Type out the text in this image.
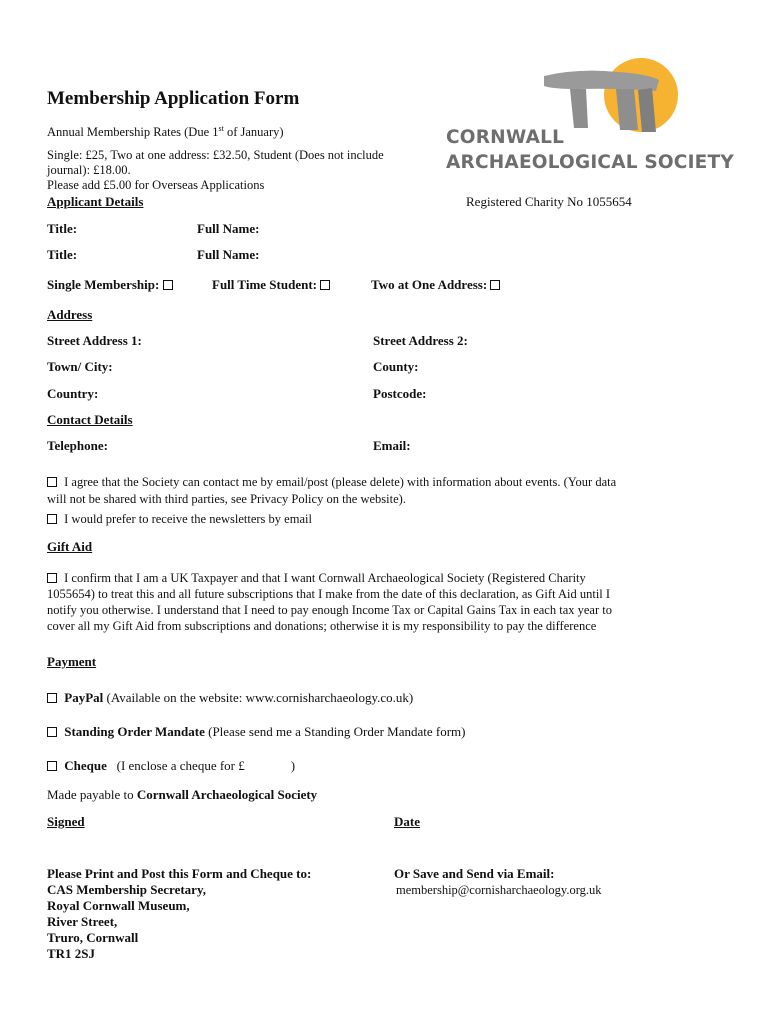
Membership Application Form
Annual Membership Rates (Due 1st of January)
Single: £25, Two at one address: £32.50, Student (Does not include
journal): £18.00.
Please add £5.00 for Overseas Applications
CORNWALL
ARCHAEOLOGICAL SOCIETY
Registered Charity No 1055654
Applicant Details
Title:	Full Name:
Title:	Full Name:
Single Membership:	Full Time Student:	Two at One Address:
Address
Street Address 1:	Street Address 2:
Town/ City:	County:
Country:	Postcode:
Contact Details
Telephone:	Email:
I agree that the Society can contact me by email/post (please delete) with information about events. (Your data
will not be shared with third parties, see Privacy Policy on the website).
I would prefer to receive the newsletters by email
Gift Aid
I confirm that I am a UK Taxpayer and that I want Cornwall Archaeological Society (Registered Charity
1055654) to treat this and all future subscriptions that I make from the date of this declaration, as Gift Aid until I
notify you otherwise. I understand that I need to pay enough Income Tax or Capital Gains Tax in each tax year to
cover all my Gift Aid from subscriptions and donations; otherwise it is my responsibility to pay the difference
Payment
PayPal (Available on the website: www.cornisharchaeology.co.uk)
Standing Order Mandate (Please send me a Standing Order Mandate form)
Cheque   (I enclose a cheque for £	)
Made payable to Cornwall Archaeological Society
Signed	Date
Please Print and Post this Form and Cheque to:
CAS Membership Secretary,
Royal Cornwall Museum,
River Street,
Truro, Cornwall
TR1 2SJ
Or Save and Send via Email:
membership@cornisharchaeology.org.uk
